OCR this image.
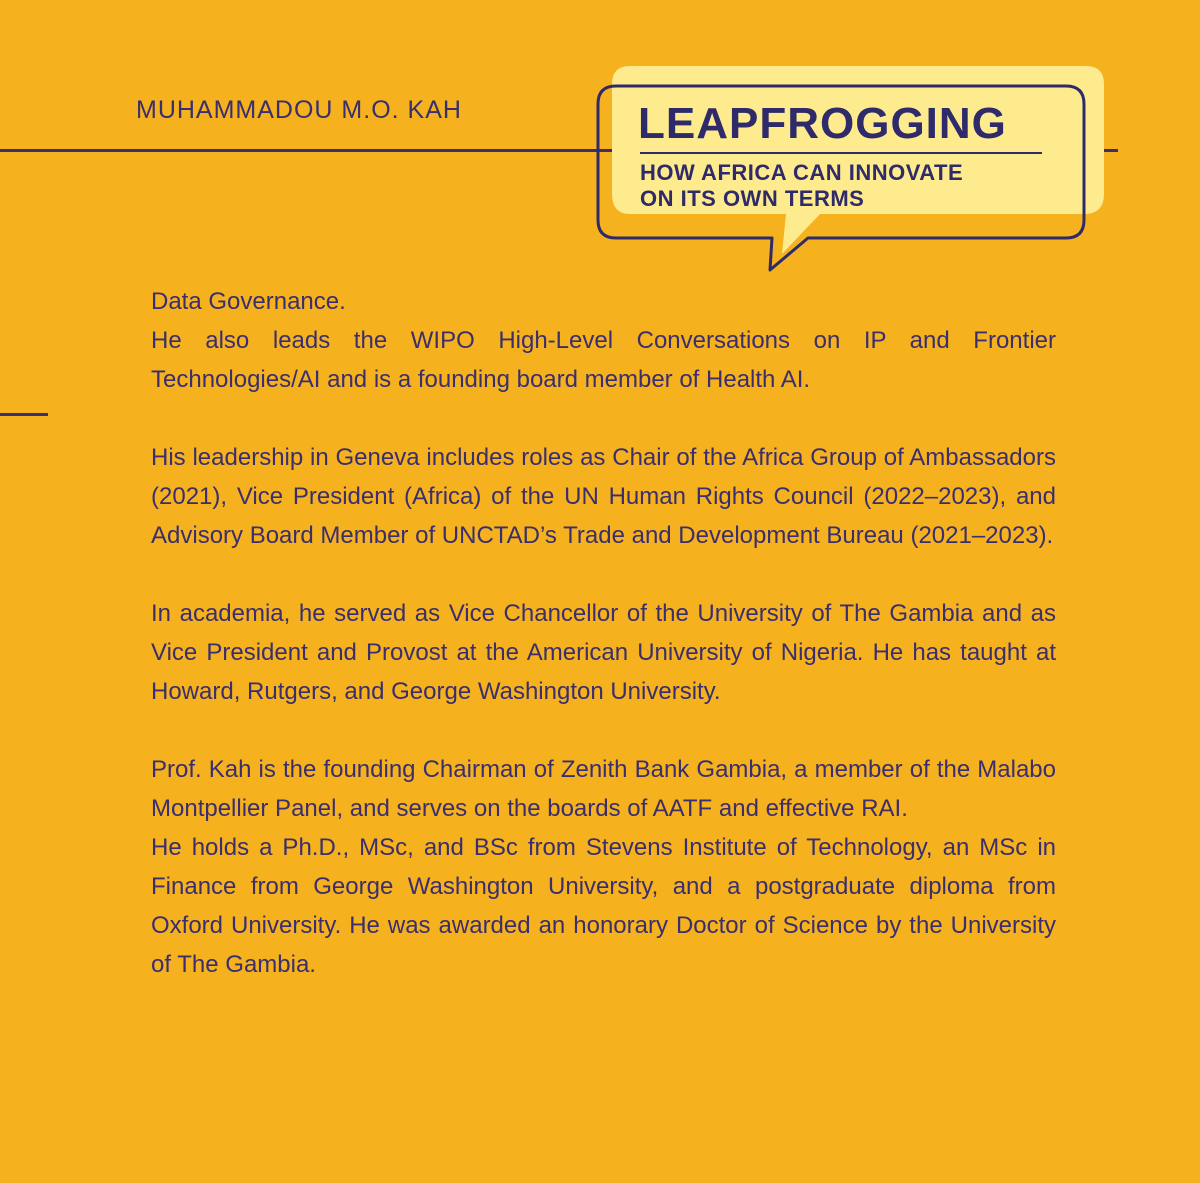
MUHAMMADOU M.O. KAH	LEAPFROGGING
HOW AFRICA CAN INNOVATE
ON ITS OWN TERMS

Data Governance.

He also leads the WIPO High-Level Conversations on IP and Frontier Technologies/AI and is a founding board member of Health AI.

His leadership in Geneva includes roles as Chair of the Africa Group of Ambassadors (2021), Vice President (Africa) of the UN Human Rights Council (2022–2023), and Advisory Board Member of UNCTAD’s Trade and Development Bureau (2021–2023).

In academia, he served as Vice Chancellor of the University of The Gambia and as Vice President and Provost at the American University of Nigeria. He has taught at Howard, Rutgers, and George Washington University.

Prof. Kah is the founding Chairman of Zenith Bank Gambia, a member of the Malabo Montpellier Panel, and serves on the boards of AATF and effective RAI.

He holds a Ph.D., MSc, and BSc from Stevens Institute of Technology, an MSc in Finance from George Washington University, and a postgraduate diploma from Oxford University. He was awarded an honorary Doctor of Science by the University of The Gambia.
